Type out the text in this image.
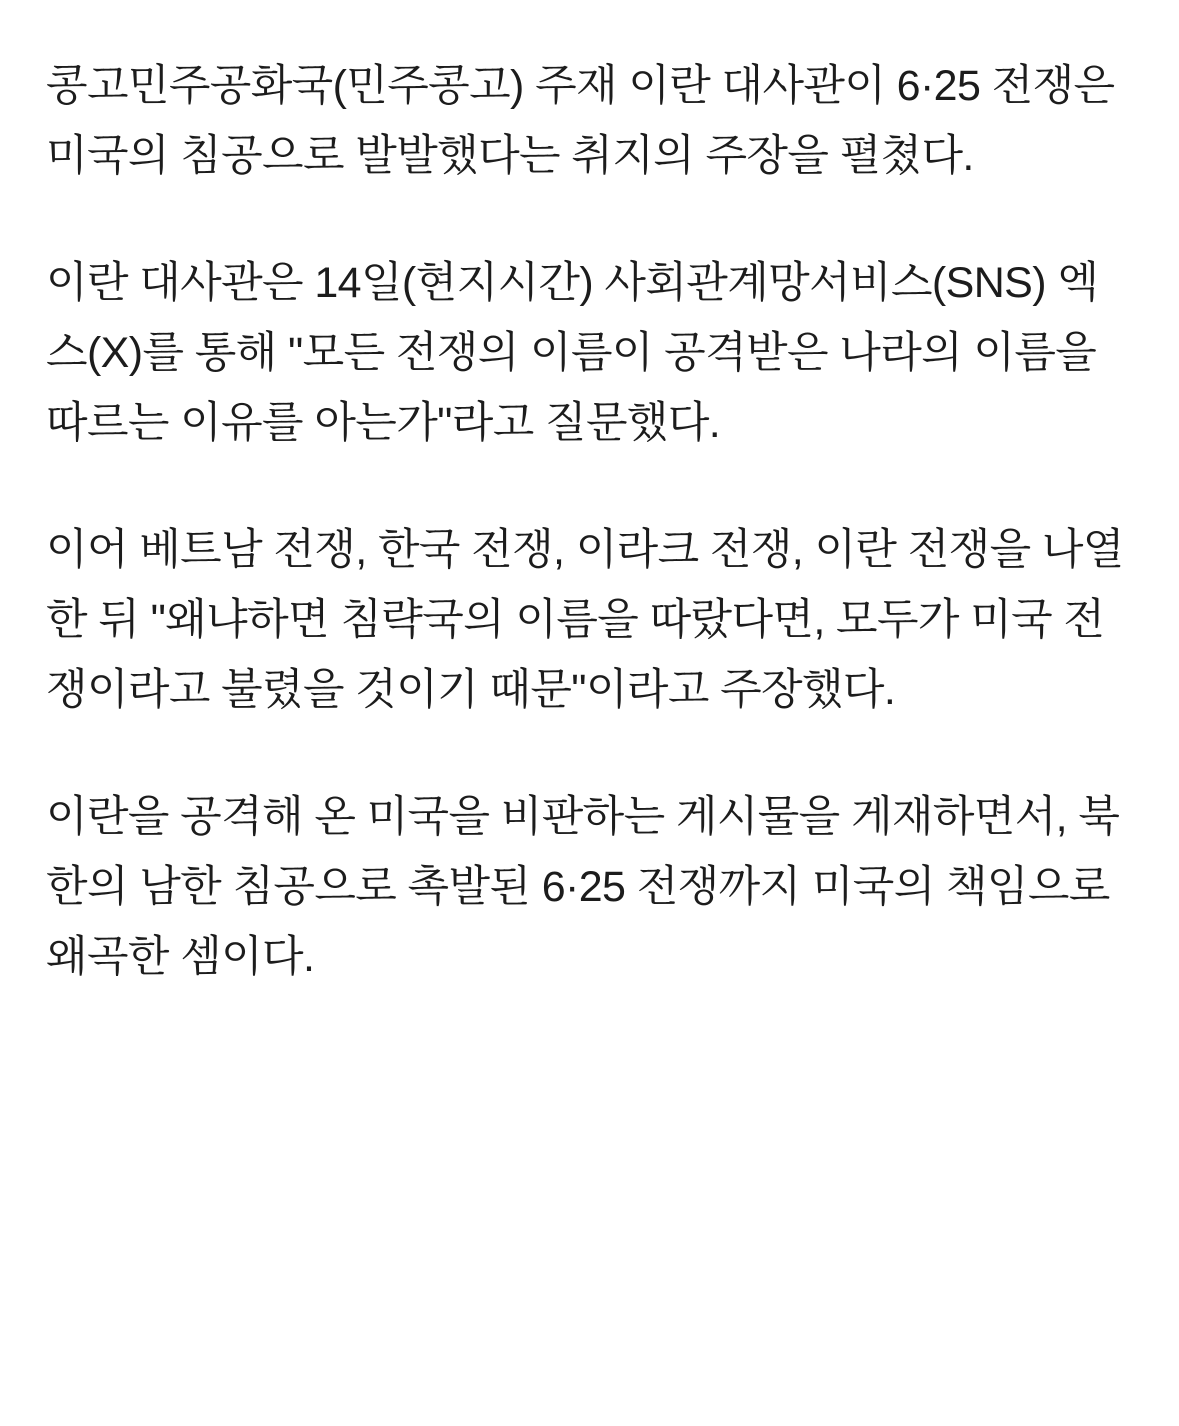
콩고민주공화국(민주콩고) 주재 이란 대사관이 6·25 전쟁은 미국의 침공으로 발발했다는 취지의 주장을 펼쳤다.

이란 대사관은 14일(현지시간) 사회관계망서비스(SNS) 엑스(X)를 통해 "모든 전쟁의 이름이 공격받은 나라의 이름을 따르는 이유를 아는가"라고 질문했다.

이어 베트남 전쟁, 한국 전쟁, 이라크 전쟁, 이란 전쟁을 나열한 뒤 "왜냐하면 침략국의 이름을 따랐다면, 모두가 미국 전쟁이라고 불렸을 것이기 때문"이라고 주장했다.

이란을 공격해 온 미국을 비판하는 게시물을 게재하면서, 북한의 남한 침공으로 촉발된 6·25 전쟁까지 미국의 책임으로 왜곡한 셈이다.
